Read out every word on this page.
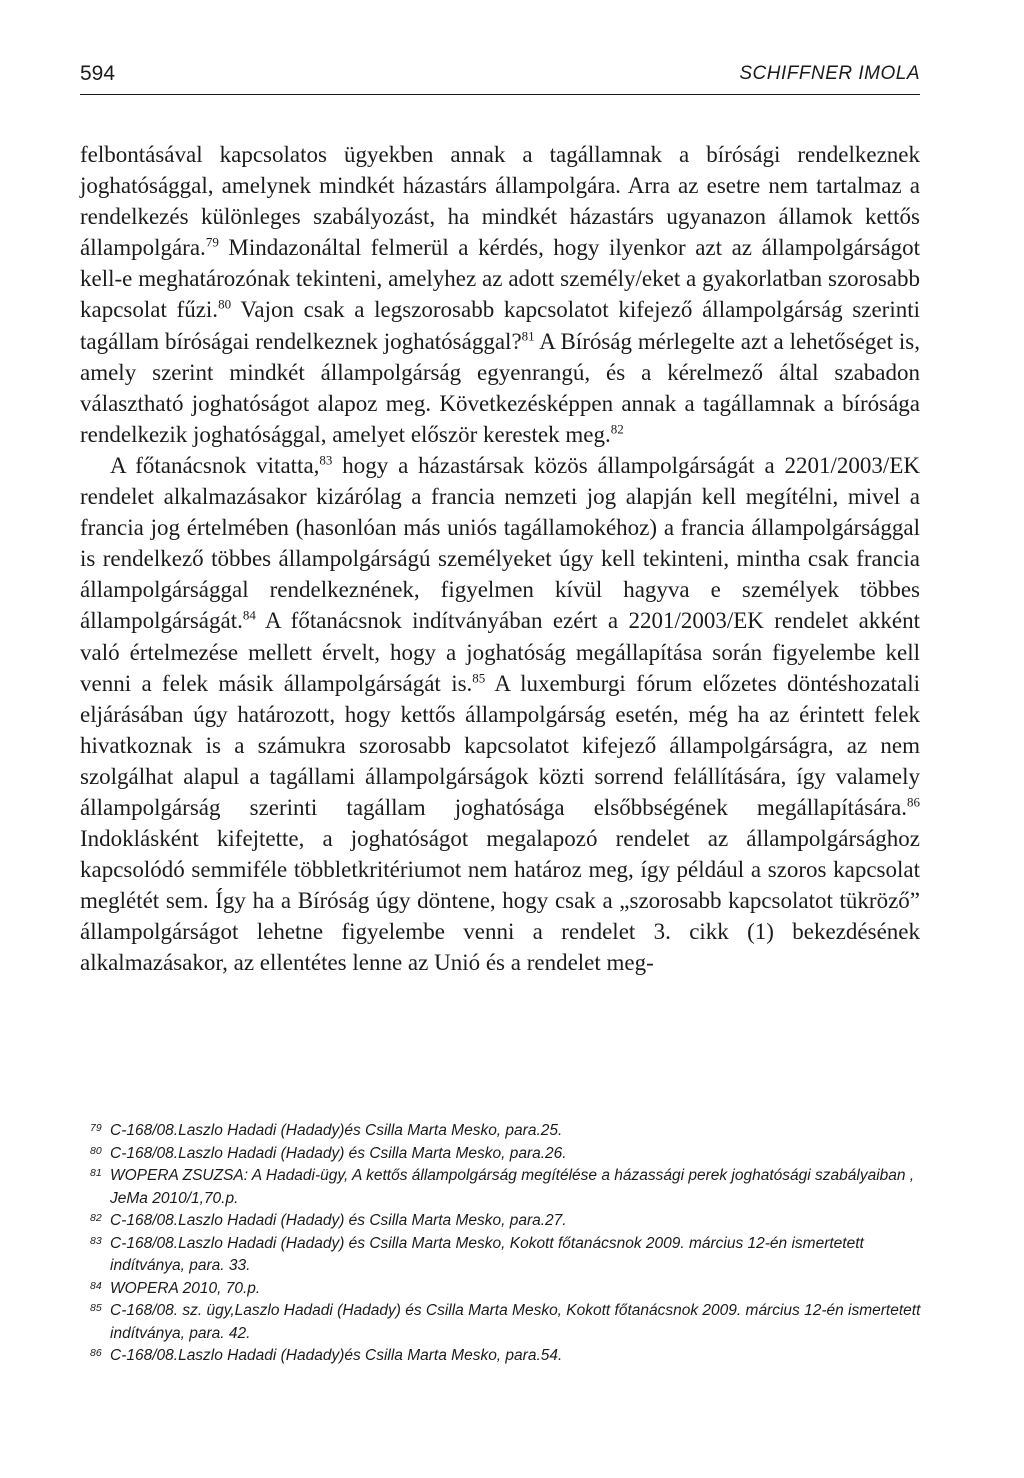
594	SCHIFFNER IMOLA

felbontásával kapcsolatos ügyekben annak a tagállamnak a bírósági rendelkeznek joghatósággal, amelynek mindkét házastárs állampolgára. Arra az esetre nem tartalmaz a rendelkezés különleges szabályozást, ha mindkét házastárs ugyanazon államok kettős állampolgára.$^{79}$ Mindazonáltal felmerül a kérdés, hogy ilyenkor azt az állampolgárságot kell-e meghatározónak tekinteni, amelyhez az adott személy/eket a gyakorlatban szorosabb kapcsolat fűzi.$^{80}$ Vajon csak a legszorosabb kapcsolatot kifejező állampolgárság szerinti tagállam bíróságai rendelkeznek joghatósággal?$^{81}$ A Bíróság mérlegelte azt a lehetőséget is, amely szerint mindkét állampolgárság egyenrangú, és a kérelmező által szabadon választható joghatóságot alapoz meg. Következésképpen annak a tagállamnak a bírósága rendelkezik joghatósággal, amelyet először kerestek meg.$^{82}$

A főtanácsnok vitatta,$^{83}$ hogy a házastársak közös állampolgárságát a 2201/2003/EK rendelet alkalmazásakor kizárólag a francia nemzeti jog alapján kell megítélni, mivel a francia jog értelmében (hasonlóan más uniós tagállamokéhoz) a francia állampolgársággal is rendelkező többes állampolgárságú személyeket úgy kell tekinteni, mintha csak francia állampolgársággal rendelkeznének, figyelmen kívül hagyva e személyek többes állampolgárságát.$^{84}$ A főtanácsnok indítványában ezért a 2201/2003/EK rendelet akként való értelmezése mellett érvelt, hogy a joghatóság megállapítása során figyelembe kell venni a felek másik állampolgárságát is.$^{85}$ A luxemburgi fórum előzetes döntéshozatali eljárásában úgy határozott, hogy kettős állampolgárság esetén, még ha az érintett felek hivatkoznak is a számukra szorosabb kapcsolatot kifejező állampolgárságra, az nem szolgálhat alapul a tagállami állampolgárságok közti sorrend felállítására, így valamely állampolgárság szerinti tagállam joghatósága elsőbbségének megállapítására.$^{86}$ Indoklásként kifejtette, a joghatóságot megalapozó rendelet az állampolgársághoz kapcsolódó semmiféle többletkritériumot nem határoz meg, így például a szoros kapcsolat meglétét sem. Így ha a Bíróság úgy döntene, hogy csak a „szorosabb kapcsolatot tükröző” állampolgárságot lehetne figyelembe venni a rendelet 3. cikk (1) bekezdésének alkalmazásakor, az ellentétes lenne az Unió és a rendelet meg-

79 C-168/08.Laszlo Hadadi (Hadady)és Csilla Marta Mesko, para.25.
80 C-168/08.Laszlo Hadadi (Hadady) és Csilla Marta Mesko, para.26.
81 WOPERA ZSUZSA: A Hadadi-ügy, A kettős állampolgárság megítélése a házassági perek joghatósági szabályaiban , JeMa 2010/1,70.p.
82 C-168/08.Laszlo Hadadi (Hadady) és Csilla Marta Mesko, para.27.
83 C-168/08.Laszlo Hadadi (Hadady) és Csilla Marta Mesko, Kokott főtanácsnok 2009. március 12-én ismertetett indítványa, para. 33.
84 WOPERA 2010, 70.p.
85 C-168/08. sz. ügy,Laszlo Hadadi (Hadady) és Csilla Marta Mesko, Kokott főtanácsnok 2009. március 12-én ismertetett indítványa, para. 42.
86 C-168/08.Laszlo Hadadi (Hadady)és Csilla Marta Mesko, para.54.
